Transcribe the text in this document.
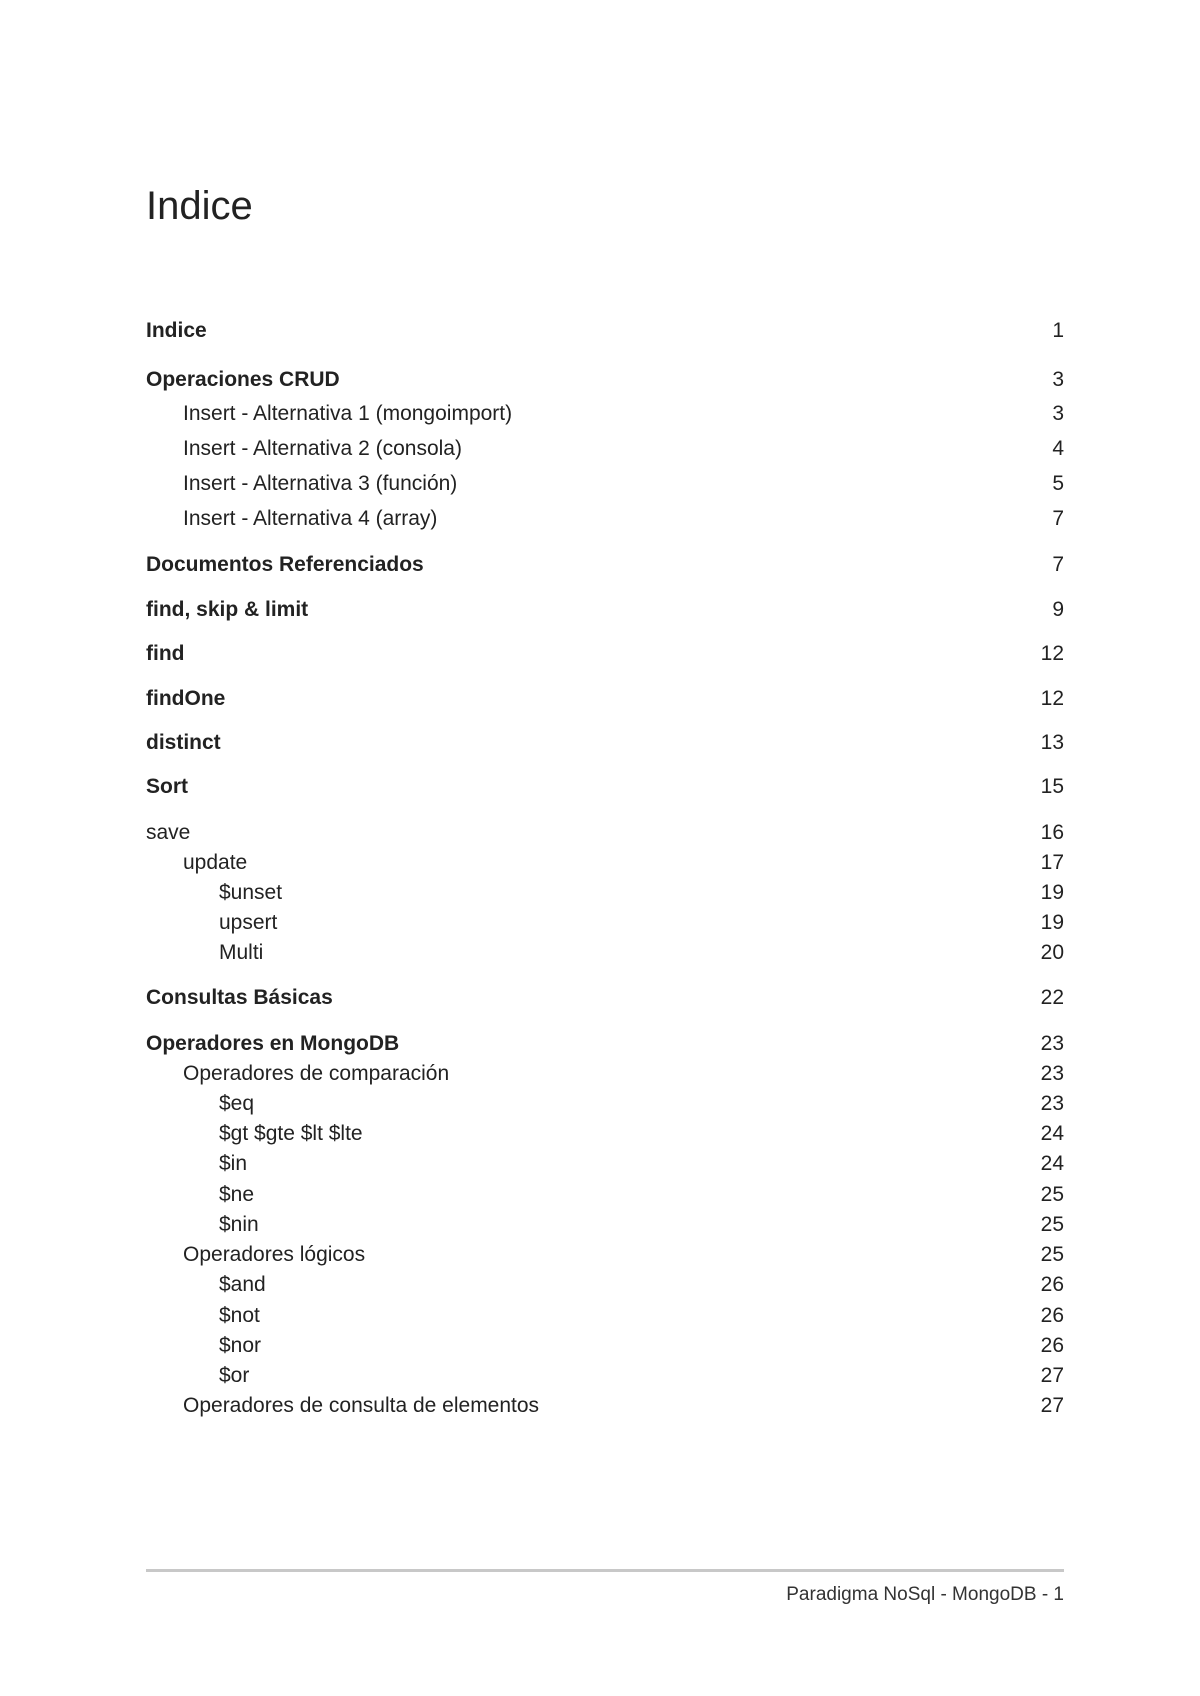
Indice
Indice	1
Operaciones CRUD	3
Insert - Alternativa 1 (mongoimport)	3
Insert - Alternativa 2 (consola)	4
Insert - Alternativa 3 (función)	5
Insert - Alternativa 4 (array)	7
Documentos Referenciados	7
find, skip & limit	9
find	12
findOne	12
distinct	13
Sort	15
save	16
update	17
$unset	19
upsert	19
Multi	20
Consultas Básicas	22
Operadores en MongoDB	23
Operadores de comparación	23
$eq	23
$gt $gte $lt $lte	24
$in	24
$ne	25
$nin	25
Operadores lógicos	25
$and	26
$not	26
$nor	26
$or	27
Operadores de consulta de elementos	27
Paradigma NoSql - MongoDB - 1
